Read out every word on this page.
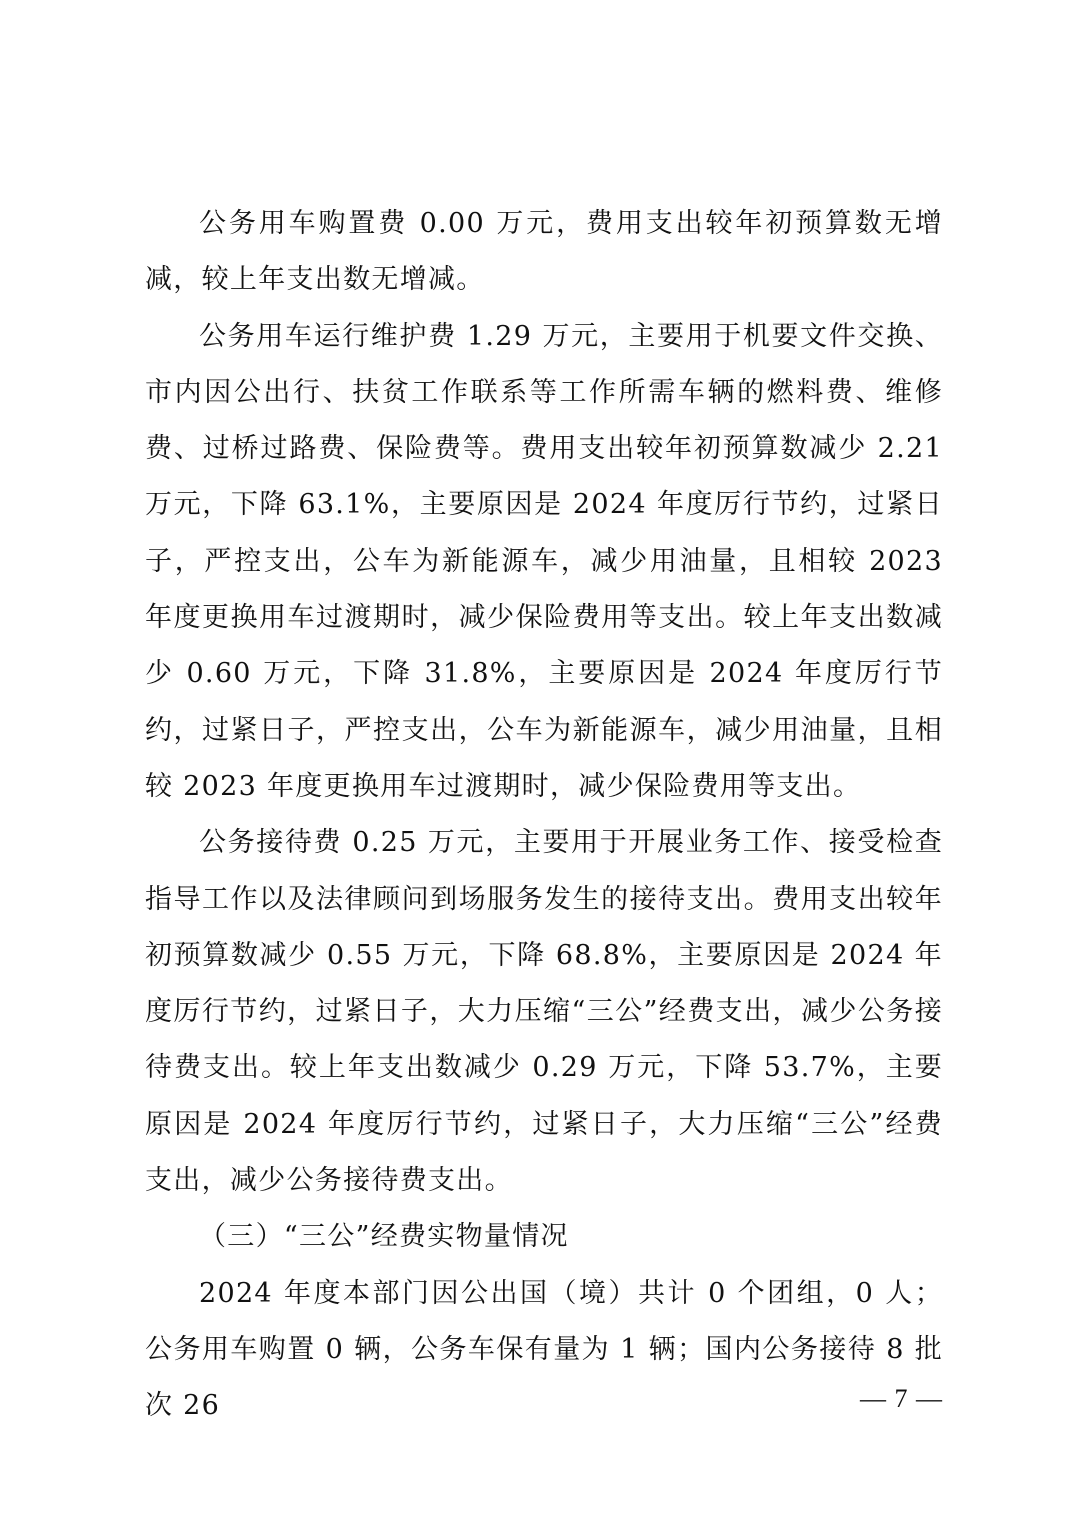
公务用车购置费 0.00 万元，费用支出较年初预算数无增减，较上年支出数无增减。

公务用车运行维护费 1.29 万元，主要用于机要文件交换、市内因公出行、扶贫工作联系等工作所需车辆的燃料费、维修费、过桥过路费、保险费等。费用支出较年初预算数减少 2.21 万元，下降 63.1%，主要原因是 2024 年度厉行节约，过紧日子，严控支出，公车为新能源车，减少用油量，且相较 2023 年度更换用车过渡期时，减少保险费用等支出。较上年支出数减少 0.60 万元，下降 31.8%，主要原因是 2024 年度厉行节约，过紧日子，严控支出，公车为新能源车，减少用油量，且相较 2023 年度更换用车过渡期时，减少保险费用等支出。

公务接待费 0.25 万元，主要用于开展业务工作、接受检查指导工作以及法律顾问到场服务发生的接待支出。费用支出较年初预算数减少 0.55 万元，下降 68.8%，主要原因是 2024 年度厉行节约，过紧日子，大力压缩“三公”经费支出，减少公务接待费支出。较上年支出数减少 0.29 万元，下降 53.7%，主要原因是 2024 年度厉行节约，过紧日子，大力压缩“三公”经费支出，减少公务接待费支出。

（三）“三公”经费实物量情况

2024 年度本部门因公出国（境）共计 0 个团组，0 人；公务用车购置 0 辆，公务车保有量为 1 辆；国内公务接待 8 批次 26	— 7 —
